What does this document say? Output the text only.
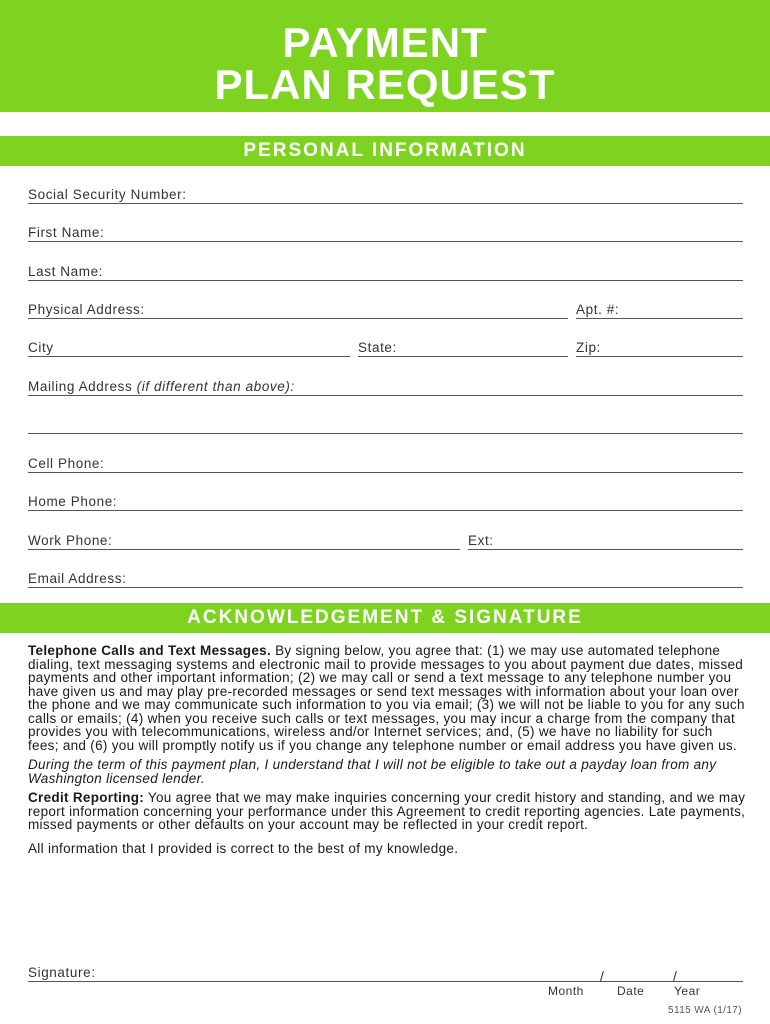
PAYMENT
PLAN REQUEST
PERSONAL INFORMATION
Social Security Number:
First Name:
Last Name:
Physical Address:	Apt. #:
City	State:	Zip:
Mailing Address (if different than above):
Cell Phone:
Home Phone:
Work Phone:	Ext:
Email Address:
ACKNOWLEDGEMENT & SIGNATURE

Telephone Calls and Text Messages. By signing below, you agree that: (1) we may use automated telephone dialing, text messaging systems and electronic mail to provide messages to you about payment due dates, missed payments and other important information; (2) we may call or send a text message to any telephone number you have given us and may play pre-recorded messages or send text messages with information about your loan over the phone and we may communicate such information to you via email; (3) we will not be liable to you for any such calls or emails; (4) when you receive such calls or text messages, you may incur a charge from the company that provides you with telecommunications, wireless and/or Internet services; and, (5) we have no liability for such fees; and (6) you will promptly notify us if you change any telephone number or email address you have given us.

During the term of this payment plan, I understand that I will not be eligible to take out a payday loan from any Washington licensed lender.

Credit Reporting: You agree that we may make inquiries concerning your credit history and standing, and we may report information concerning your performance under this Agreement to credit reporting agencies. Late payments, missed payments or other defaults on your account may be reflected in your credit report.

All information that I provided is correct to the best of my knowledge.

Signature:	/	/
Month	Date Year
5115 WA (1/17)
